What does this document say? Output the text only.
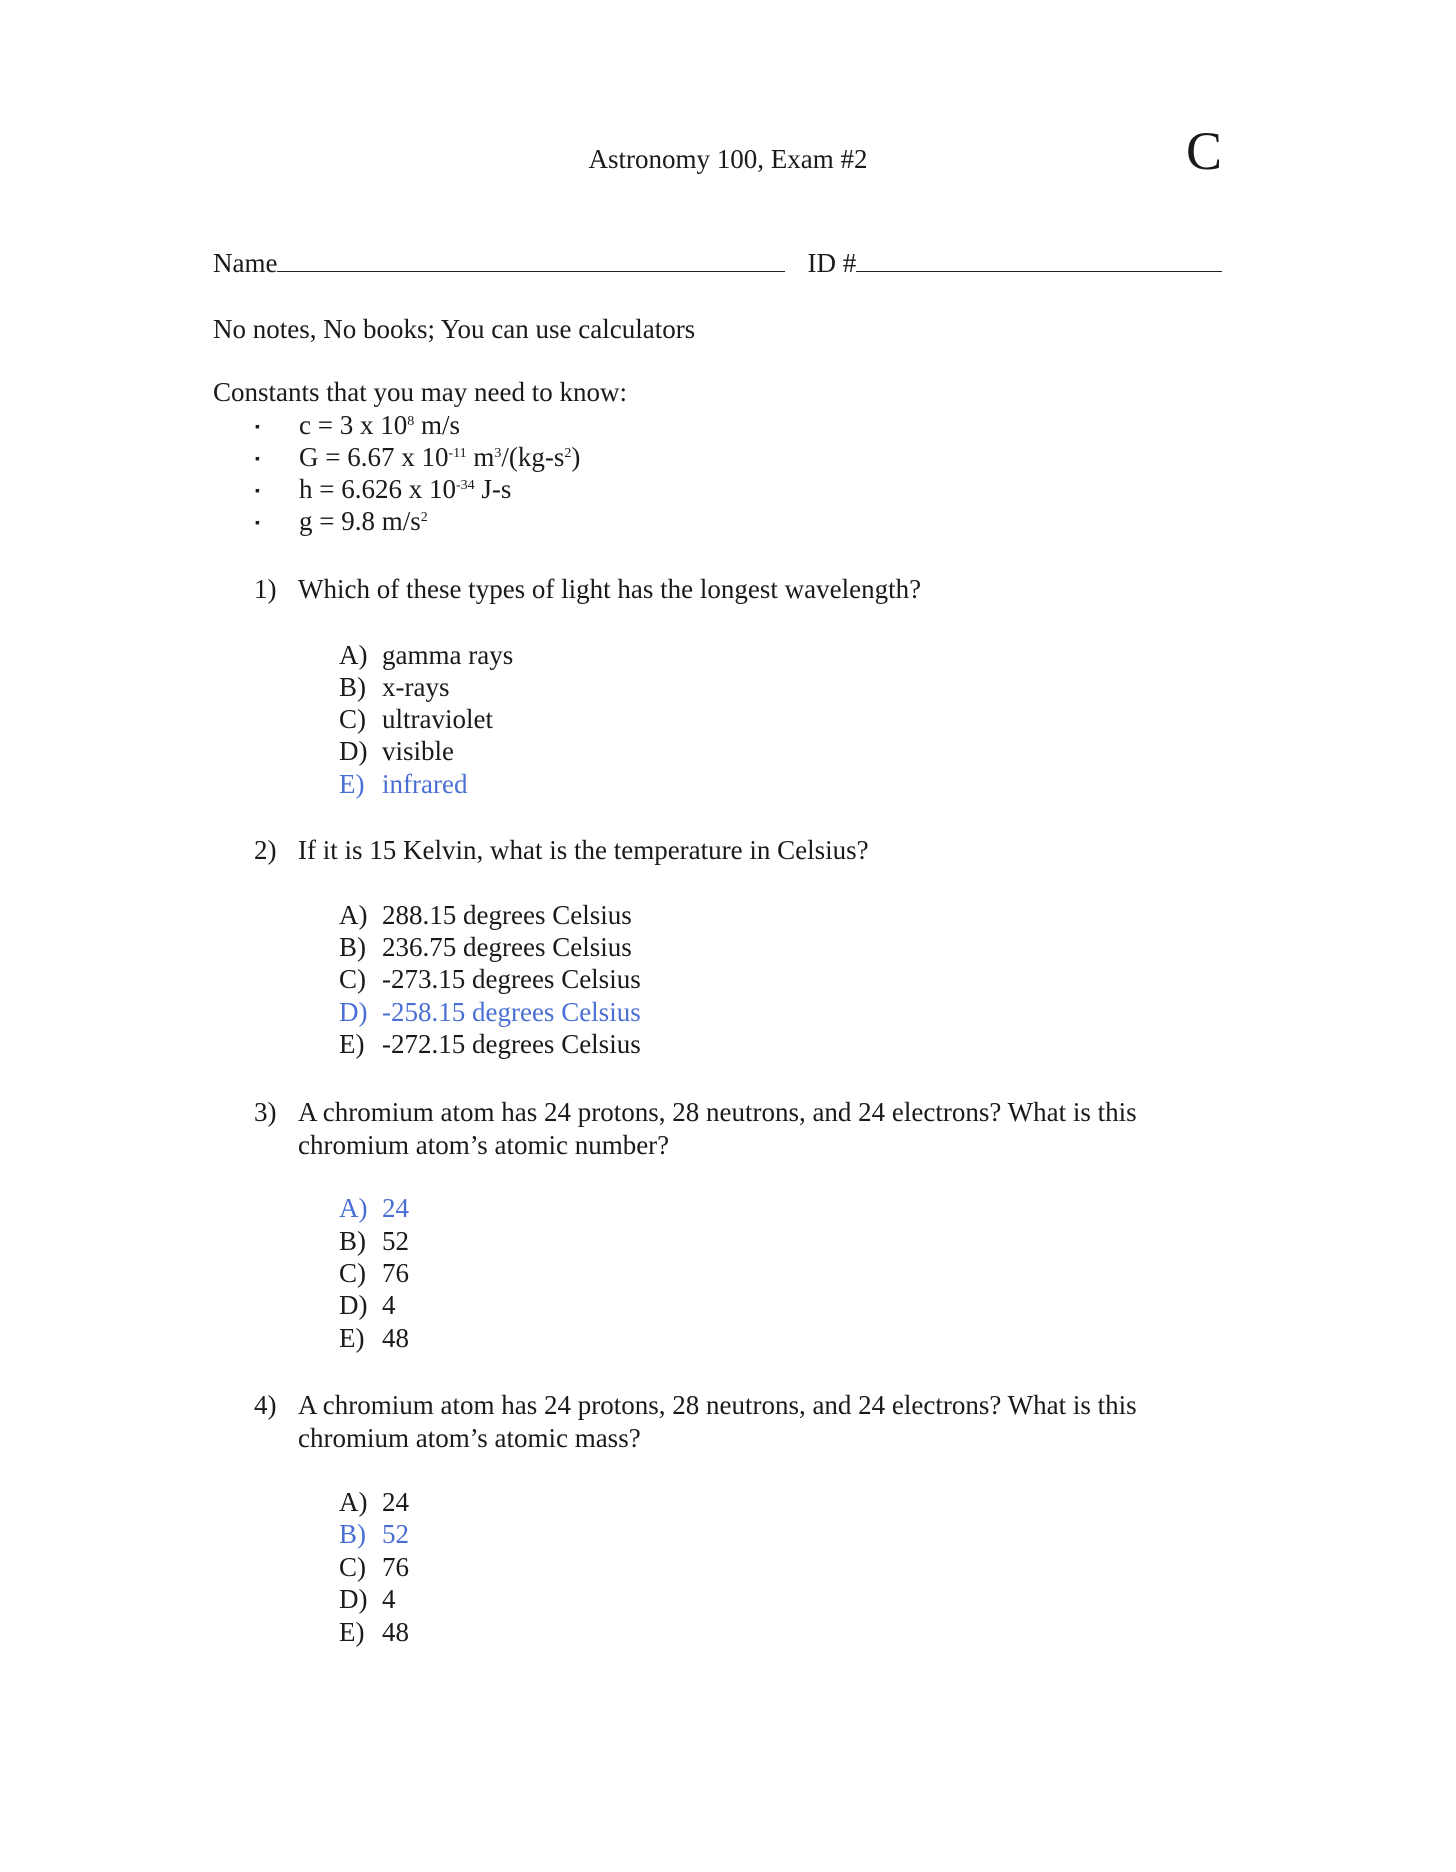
Astronomy 100, Exam #2	C
Name	ID #
No notes, No books; You can use calculators
Constants that you may need to know:
▪ c = 3 x $10^8$ m/s
▪ G = 6.67 x $10^{-11}$ $m^3/(kg-s^2)$
▪ h = 6.626 x $10^{-34}$ J-s
▪ g = 9.8 $m/s^2$
1) Which of these types of light has the longest wavelength?
A) gamma rays
B) x-rays
C) ultraviolet
D) visible
E) infrared
2) If it is 15 Kelvin, what is the temperature in Celsius?
A) 288.15 degrees Celsius
B) 236.75 degrees Celsius
C) -273.15 degrees Celsius
D) -258.15 degrees Celsius
E) -272.15 degrees Celsius
3) A chromium atom has 24 protons, 28 neutrons, and 24 electrons? What is this chromium atom’s atomic number?
A) 24
B) 52
C) 76
D) 4
E) 48
4) A chromium atom has 24 protons, 28 neutrons, and 24 electrons? What is this chromium atom’s atomic mass?
A) 24
B) 52
C) 76
D) 4
E) 48
